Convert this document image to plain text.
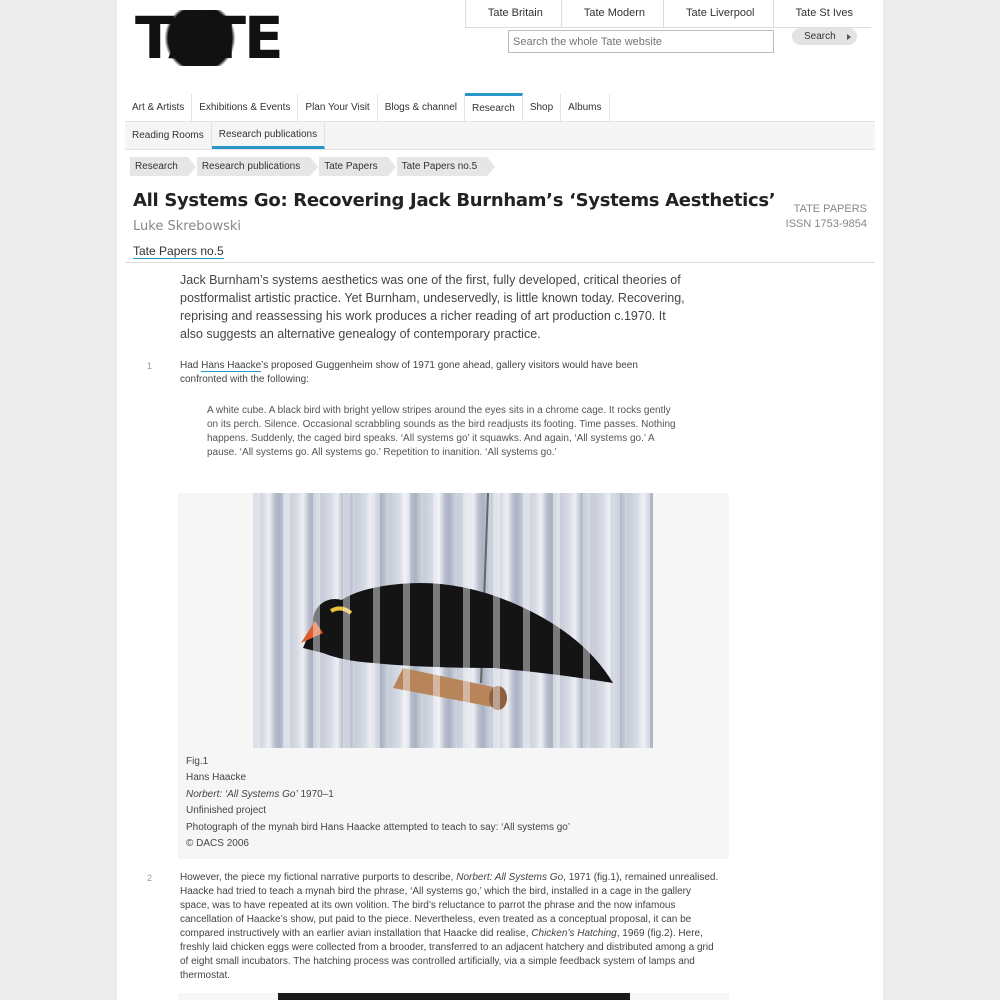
TATE	Tate Britain	Tate Modern	Tate Liverpool	Tate St Ives
Search the whole Tate website
Search
Art & Artists	Exhibitions & Events	Plan Your Visit	Blogs & channel	Research	Shop	Albums
Reading Rooms	Research publications
Research	Research publications	Tate Papers	Tate Papers no.5
All Systems Go: Recovering Jack Burnham’s ‘Systems Aesthetics’
Luke Skrebowski
Tate Papers no.5
TATE PAPERS
ISSN 1753-9854

Jack Burnham’s systems aesthetics was one of the first, fully developed, critical theories of postformalist artistic practice. Yet Burnham, undeservedly, is little known today. Recovering, reprising and reassessing his work produces a richer reading of art production c.1970. It also suggests an alternative genealogy of contemporary practice.

1	Had Hans Haacke’s proposed Guggenheim show of 1971 gone ahead, gallery visitors would have been confronted with the following:

A white cube. A black bird with bright yellow stripes around the eyes sits in a chrome cage. It rocks gently on its perch. Silence. Occasional scrabbling sounds as the bird readjusts its footing. Time passes. Nothing happens. Suddenly, the caged bird speaks. ‘All systems go’ it squawks. And again, ‘All systems go.’ A pause. ‘All systems go. All systems go.’ Repetition to inanition. ‘All systems go.’

Fig.1
Hans Haacke
Norbert: ‘All Systems Go’ 1970–1
Unfinished project
Photograph of the mynah bird Hans Haacke attempted to teach to say: ‘All systems go’
© DACS 2006
2	However, the piece my fictional narrative purports to describe, Norbert: All Systems Go, 1971 (fig.1), remained unrealised. Haacke had tried to teach a mynah bird the phrase, ‘All systems go,’ which the bird, installed in a cage in the gallery space, was to have repeated at its own volition. The bird’s reluctance to parrot the phrase and the now infamous cancellation of Haacke’s show, put paid to the piece. Nevertheless, even treated as a conceptual proposal, it can be compared instructively with an earlier avian installation that Haacke did realise, Chicken’s Hatching, 1969 (fig.2). Here, freshly laid chicken eggs were collected from a brooder, transferred to an adjacent hatchery and distributed among a grid of eight small incubators. The hatching process was controlled artificially, via a simple feedback system of lamps and thermostat.
